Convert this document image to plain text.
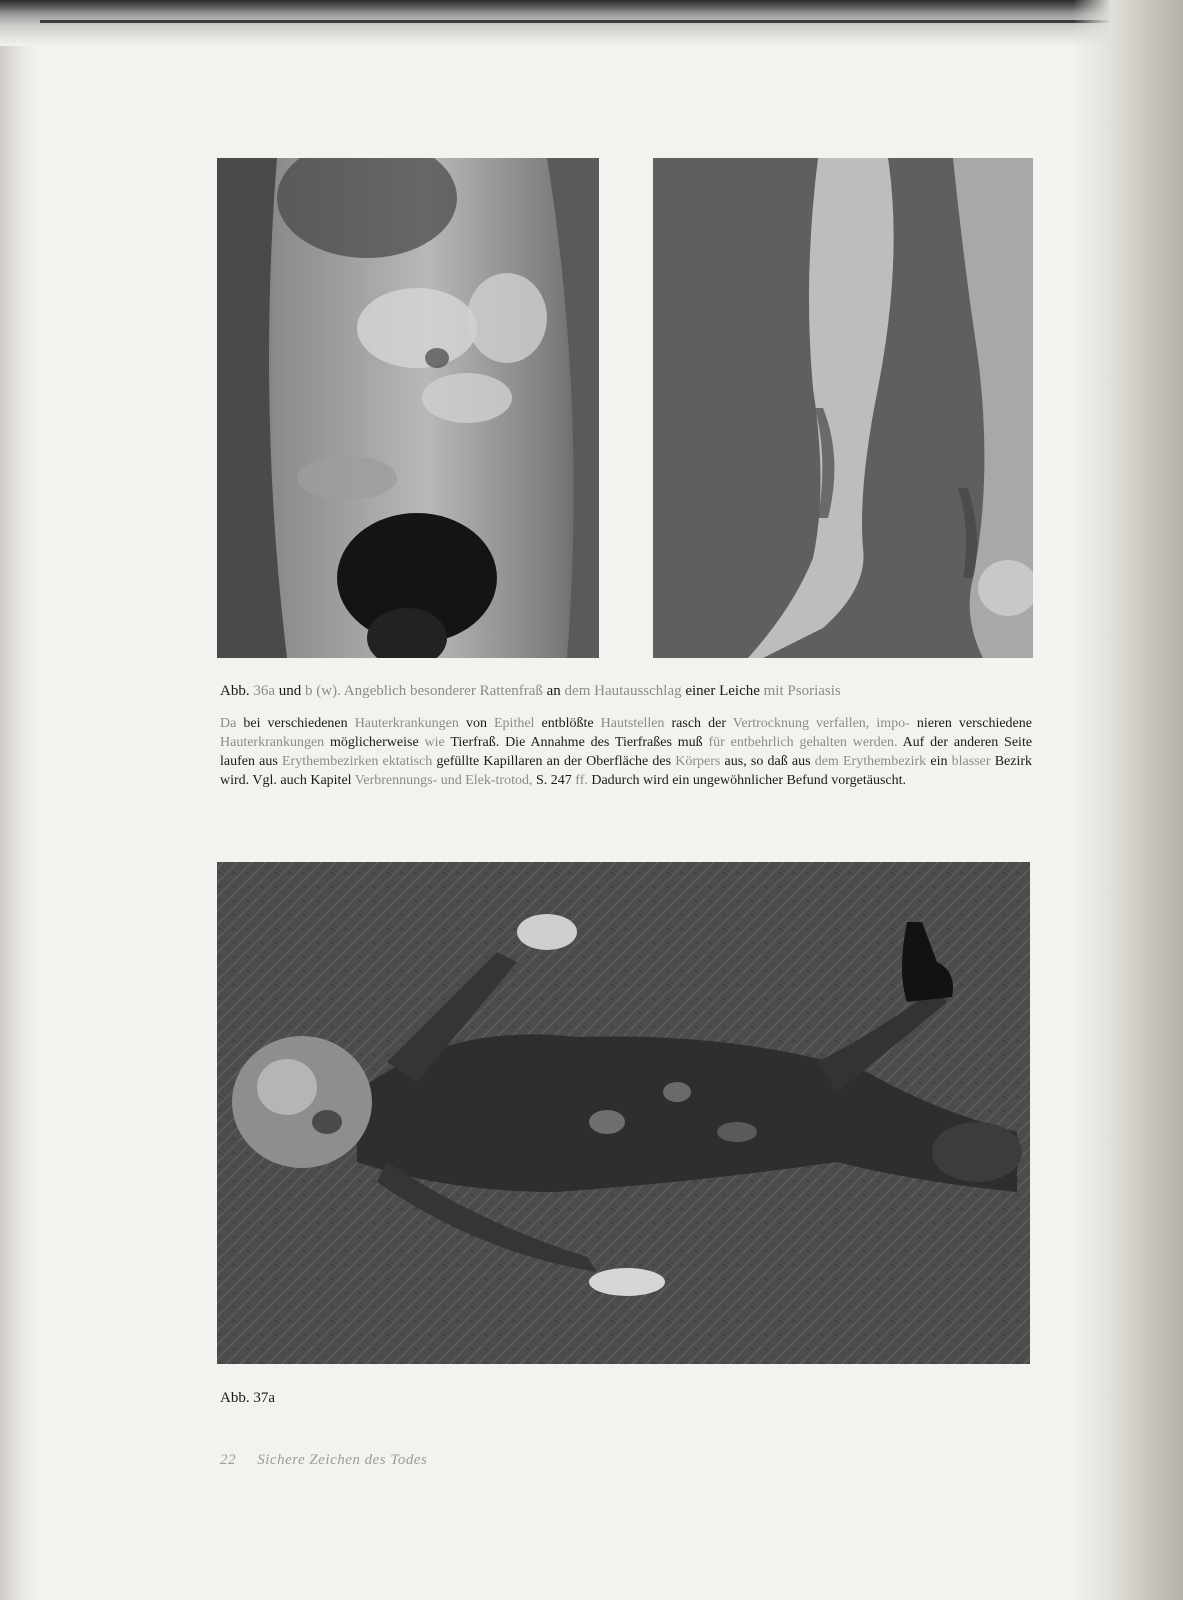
Abb. 36a und b (w). Angeblich besonderer Rattenfraß an dem Hautausschlag einer Leiche mit Psoriasis
Da bei verschiedenen Hauterkrankungen von Epithel entblößte Hautstellen rasch der Vertrocknung verfallen, impo- nieren verschiedene Hauterkrankungen möglicherweise wie Tierfraß. Die Annahme des Tierfraßes muß für entbehrlich gehalten werden. Auf der anderen Seite laufen aus Erythembezirken ektatisch gefüllte Kapillaren an der Oberfläche des Körpers aus, so daß aus dem Erythembezirk ein blasser Bezirk wird. Vgl. auch Kapitel Verbrennungs- und Elek-trotod, S. 247 ff. Dadurch wird ein ungewöhnlicher Befund vorgetäuscht.
Abb. 37a
22 Sichere Zeichen des Todes
